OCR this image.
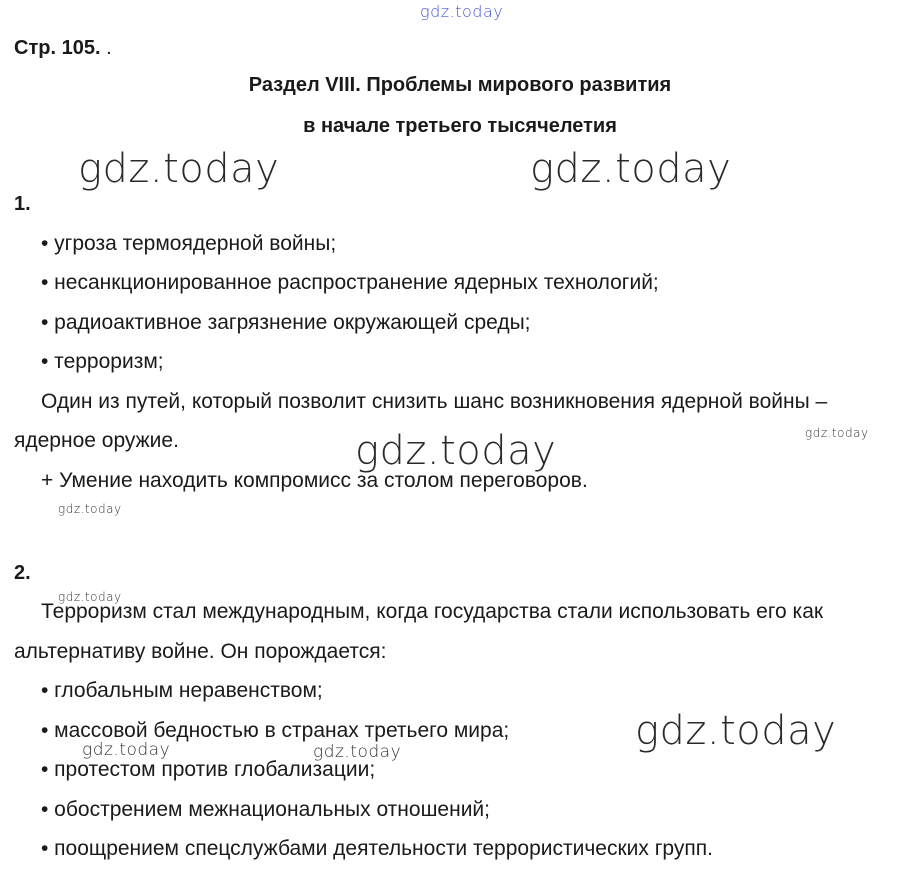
gdz.today
gdz.today	gdz.today
gdz.today
gdz.today
gdz.today
gdz.today
gdz.today
gdz.today	gdz.today
Стр. 105. .
Раздел VIII. Проблемы мирового развития
в начале третьего тысячелетия
1.
• угроза термоядерной войны;
• несанкционированное распространение ядерных технологий;
• радиоактивное загрязнение окружающей среды;
• терроризм;
Один из путей, который позволит снизить шанс возникновения ядерной войны –
ядерное оружие.
+ Умение находить компромисс за столом переговоров.
2.
Терроризм стал международным, когда государства стали использовать его как
альтернативу войне. Он порождается:
• глобальным неравенством;
• массовой бедностью в странах третьего мира;
• протестом против глобализации;
• обострением межнациональных отношений;
• поощрением спецслужбами деятельности террористических групп.
